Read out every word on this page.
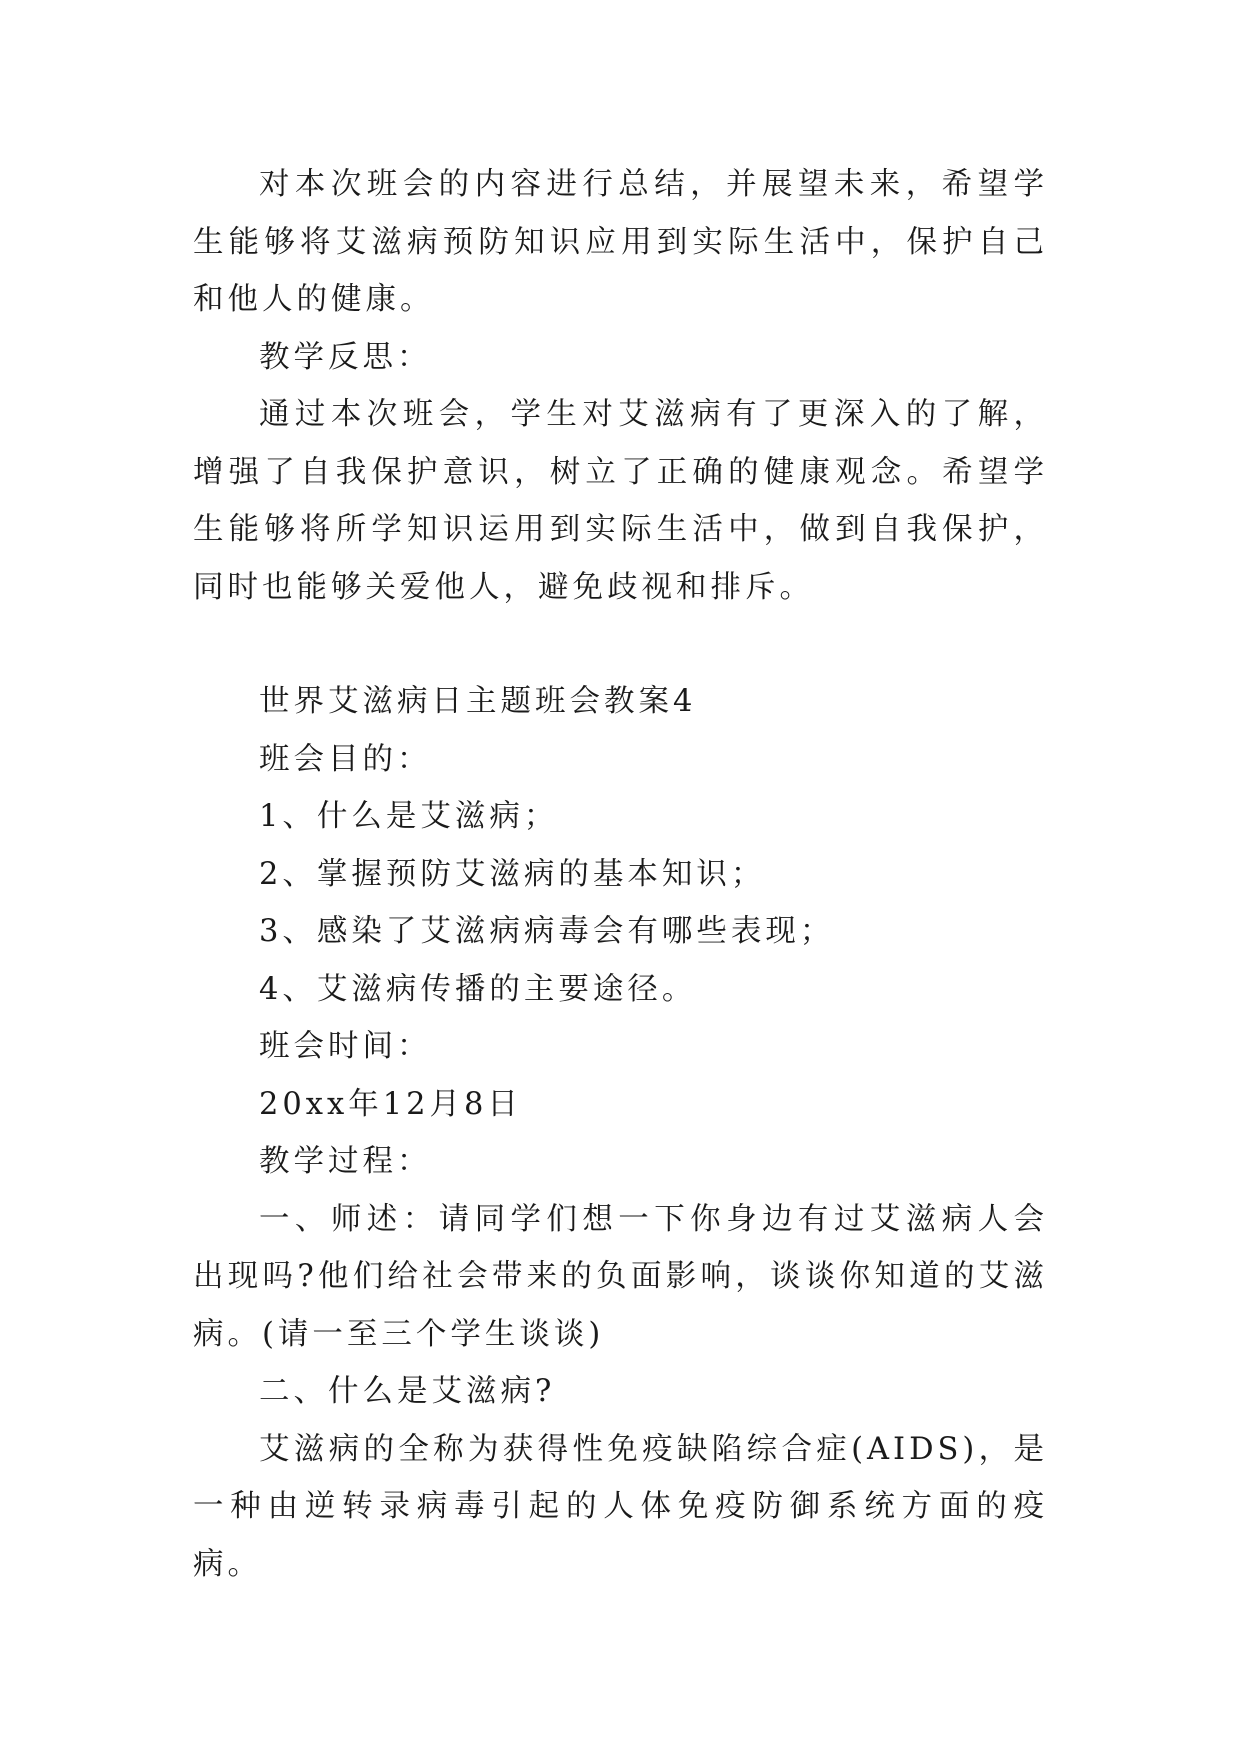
对本次班会的内容进行总结，并展望未来，希望学生能够将艾滋病预防知识应用到实际生活中，保护自己和他人的健康。

教学反思：

通过本次班会，学生对艾滋病有了更深入的了解，增强了自我保护意识，树立了正确的健康观念。希望学生能够将所学知识运用到实际生活中，做到自我保护，同时也能够关爱他人，避免歧视和排斥。

世界艾滋病日主题班会教案4

班会目的：

1、什么是艾滋病；

2、掌握预防艾滋病的基本知识；

3、感染了艾滋病病毒会有哪些表现；

4、艾滋病传播的主要途径。

班会时间：

20xx年12月8日

教学过程：

一、师述：请同学们想一下你身边有过艾滋病人会出现吗?他们给社会带来的负面影响，谈谈你知道的艾滋病。(请一至三个学生谈谈)

二、什么是艾滋病?

艾滋病的全称为获得性免疫缺陷综合症(AIDS)，是一种由逆转录病毒引起的人体免疫防御系统方面的疫病。
